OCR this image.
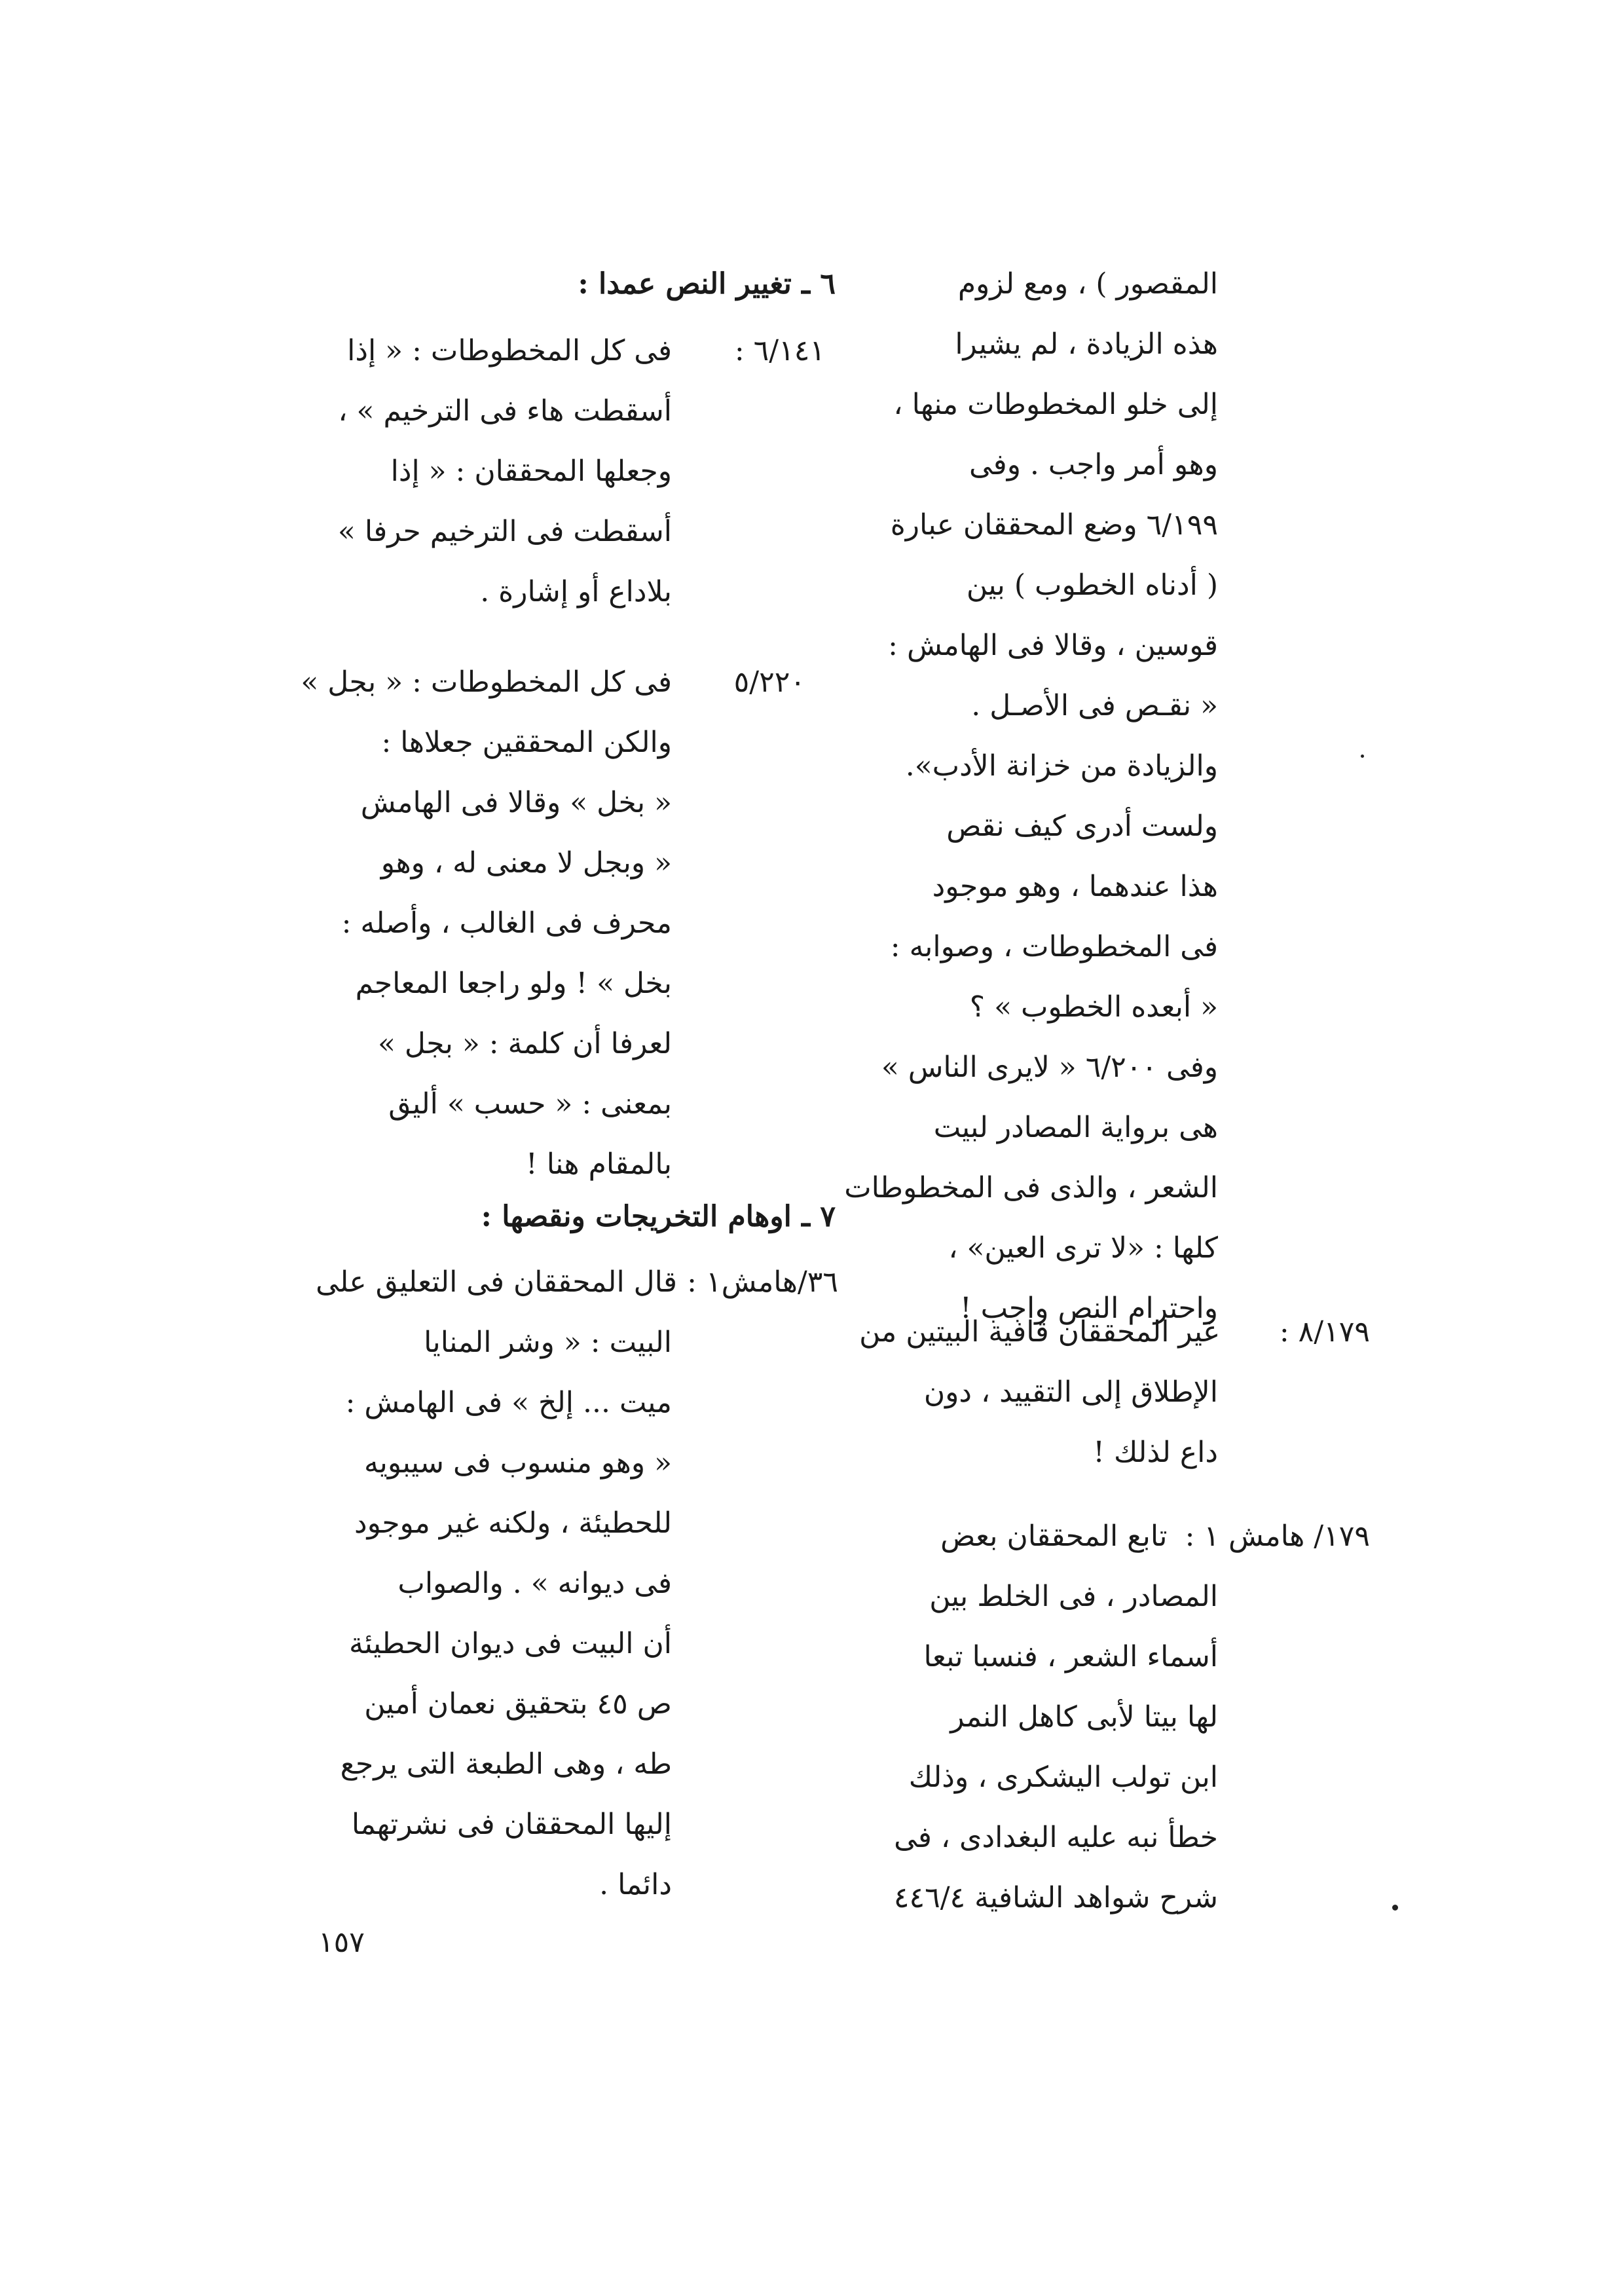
المقصور ) ، ومع لزوم
هذه الزيادة ، لم يشيرا
إلى خلو المخطوطات منها ،
وهو أمر واجب . وفى
٦/١٩٩ وضع المحققان عبارة
( أدناه الخطوب ) بين
قوسين ، وقالا فى الهامش :
« نقـص فى الأصـل .
والزيادة من خزانة الأدب».
ولست أدرى كيف نقص
هذا عندهما ، وهو موجود
فى المخطوطات ، وصوابه :
« أبعده الخطوب » ؟
وفى ٦/٢٠٠ « لايرى الناس »
هى برواية المصادر لبيت
الشعر ، والذى فى المخطوطات
كلها : «لا ترى العين» ،
واحترام النص واجب !
٨/١٧٩ :
غير المحققان قافية البيتين من
الإطلاق إلى التقييد ، دون
داع لذلك !
١٧٩/ هامش ١ : تابع المحققان بعض
المصادر ، فى الخلط بين
أسماء الشعر ، فنسبا تبعا
لها بيتا لأبى كاهل النمر
ابن تولب اليشكرى ، وذلك
خطأ نبه عليه البغدادى ، فى
شرح شواهد الشافية ٤٤٦/٤
٦ ـ تغيير النص عمدا :
٦/١٤١ :
فى كل المخطوطات : « إذا
أسقطت هاء فى الترخيم » ،
وجعلها المحققان : « إذا
أسقطت فى الترخيم حرفا »
بلاداع أو إشارة .
٥/٢٢٠
فى كل المخطوطات : « بجل »
والكن المحققين جعلاها :
« بخل » وقالا فى الهامش
« وبجل لا معنى له ، وهو
محرف فى الغالب ، وأصله :
بخل » ! ولو راجعا المعاجم
لعرفا أن كلمة : « بجل »
بمعنى : « حسب » أليق
بالمقام هنا !
٧ ـ اوهام التخريجات ونقصها :
٣٦/هامش١ : قال المحققان فى التعليق على
البيت : « وشر المنايا
ميت ... إلخ » فى الهامش :
« وهو منسوب فى سيبويه
للحطيئة ، ولكنه غير موجود
فى ديوانه » . والصواب
أن البيت فى ديوان الحطيئة
ص ٤٥ بتحقيق نعمان أمين
طه ، وهى الطبعة التى يرجع
إليها المحققان فى نشرتهما
دائما .
١٥٧
